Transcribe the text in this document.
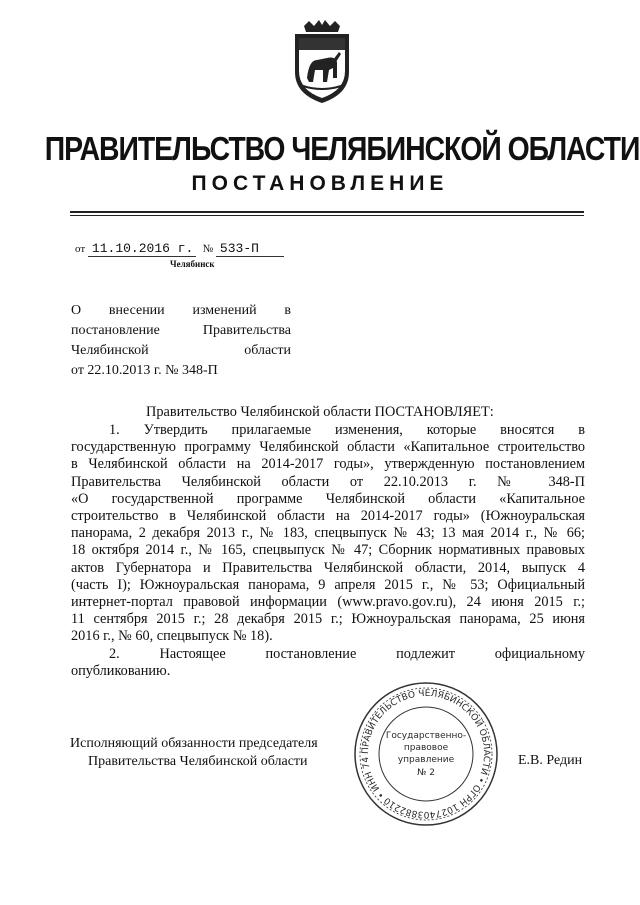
ПРАВИТЕЛЬСТВО ЧЕЛЯБИНСКОЙ ОБЛАСТИ
ПОСТАНОВЛЕНИЕ
от 11.10.2016 г. № 533-П
Челябинск
О внесении изменений в
постановление Правительства
Челябинской области
от 22.10.2013 г. № 348-П
Правительство Челябинской области ПОСТАНОВЛЯЕТ:
1. Утвердить прилагаемые изменения, которые вносятся в
государственную программу Челябинской области «Капитальное строительство
в Челябинской области на 2014-2017 годы», утвержденную постановлением
Правительства Челябинской области от 22.10.2013 г. № 348-П
«О государственной программе Челябинской области «Капитальное
строительство в Челябинской области на 2014-2017 годы» (Южноуральская
панорама, 2 декабря 2013 г., № 183, спецвыпуск № 43; 13 мая 2014 г., № 66;
18 октября 2014 г., № 165, спецвыпуск № 47; Сборник нормативных правовых
актов Губернатора и Правительства Челябинской области, 2014, выпуск 4
(часть I); Южноуральская панорама, 9 апреля 2015 г., № 53; Официальный
интернет-портал правовой информации (www.pravo.gov.ru), 24 июня 2015 г.;
11 сентября 2015 г.; 28 декабря 2015 г.; Южноуральская панорама, 25 июня
2016 г., № 60, спецвыпуск № 18).
2. Настоящее постановление подлежит официальному
опубликованию.
Исполняющий обязанности председателя
Правительства Челябинской области	Е.В. Редин
ПРАВИТЕЛЬСТВО ЧЕЛЯБИНСКОЙ ОБЛАСТИ • ОГРН 1027403882210 • ИНН 74
Государственно-
правовое
управление
№ 2
